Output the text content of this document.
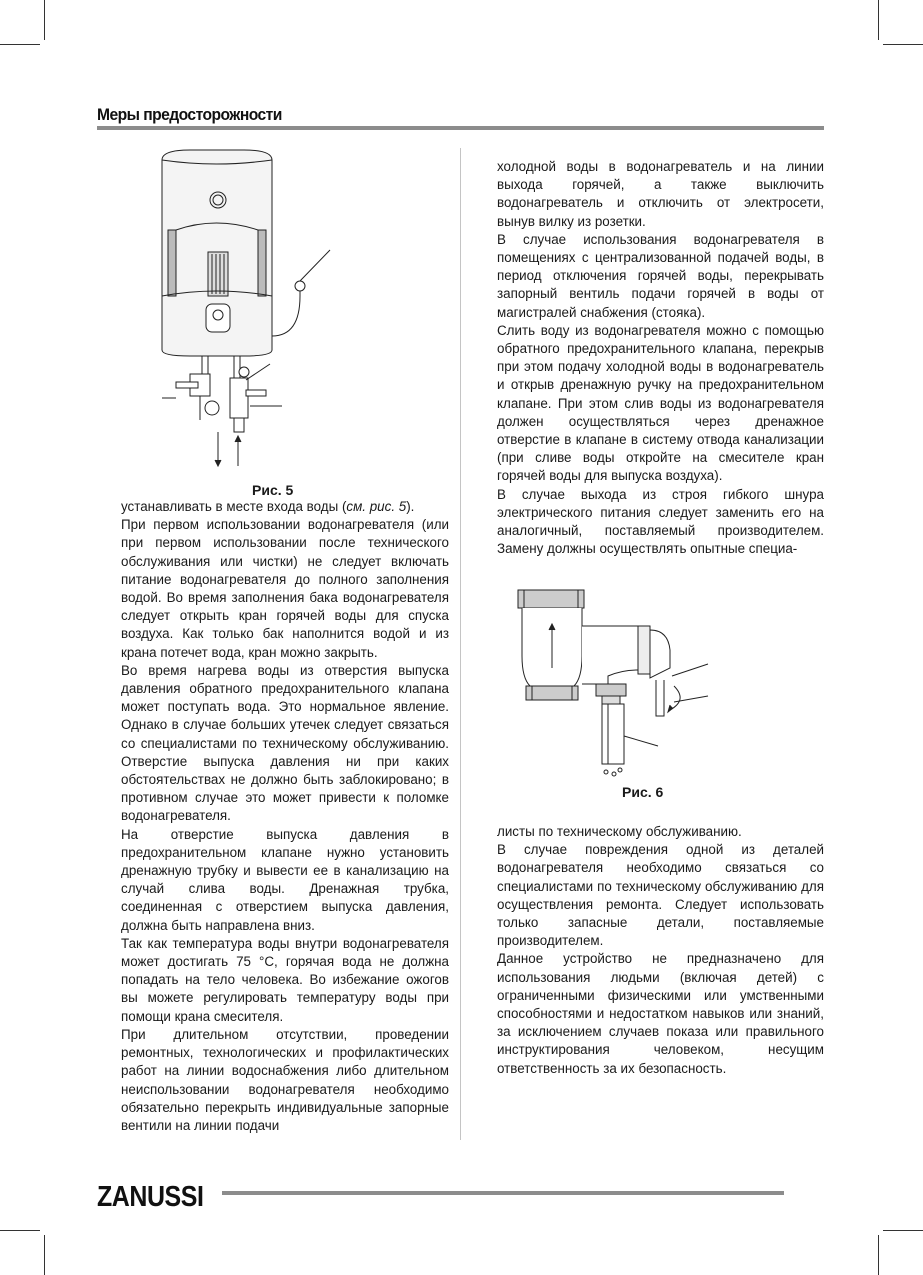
Меры предосторожности
Рис. 5

устанавливать в месте входа воды (см. рис. 5).

При первом использовании водонагревателя (или при первом использовании после технического обслуживания или чистки) не следует включать питание водонагревателя до полного заполнения водой. Во время заполнения бака водонагревателя следует открыть кран горячей воды для спуска воздуха. Как только бак наполнится водой и из крана потечет вода, кран можно закрыть.

Во время нагрева воды из отверстия выпуска давления обратного предохранительного клапана может поступать вода. Это нормальное явление. Однако в случае больших утечек следует связаться со специалистами по техническому обслуживанию. Отверстие выпуска давления ни при каких обстоятельствах не должно быть заблокировано; в противном случае это может привести к поломке водонагревателя.

На отверстие выпуска давления в предохранительном клапане нужно установить дренажную трубку и вывести ее в канализацию на случай слива воды. Дренажная трубка, соединенная с отверстием выпуска давления, должна быть направлена вниз.

Так как температура воды внутри водонагревателя может достигать 75 °С, горячая вода не должна попадать на тело человека. Во избежание ожогов вы можете регулировать температуру воды при помощи крана смесителя.

При длительном отсутствии, проведении ремонтных, технологических и профилактических работ на линии водоснабжения либо длительном неиспользовании водонагревателя необходимо обязательно перекрыть индивидуальные запорные вентили на линии подачи

холодной воды в водонагреватель и на линии выхода горячей, а также выключить водонагреватель и отключить от электросети, вынув вилку из розетки.

В случае использования водонагревателя в помещениях с централизованной подачей воды, в период отключения горячей воды, перекрывать запорный вентиль подачи горячей в воды от магистралей снабжения (стояка).

Слить воду из водонагревателя можно с помощью обратного предохранительного клапана, перекрыв при этом подачу холодной воды в водонагреватель и открыв дренажную ручку на предохранительном клапане. При этом слив воды из водонагревателя должен осуществляться через дренажное отверстие в клапане в систему отвода канализации (при сливе воды откройте на смесителе кран горячей воды для выпуска воздуха).

В случае выхода из строя гибкого шнура электрического питания следует заменить его на аналогичный, поставляемый производителем. Замену должны осуществлять опытные специа-

Рис. 6

листы по техническому обслуживанию.

В случае повреждения одной из деталей водонагревателя необходимо связаться со специалистами по техническому обслуживанию для осуществления ремонта. Следует использовать только запасные детали, поставляемые производителем.

Данное устройство не предназначено для использования людьми (включая детей) с ограниченными физическими или умственными способностями и недостатком навыков или знаний, за исключением случаев показа или правильного инструктирования человеком, несущим ответственность за их безопасность.

ZANUSSI
